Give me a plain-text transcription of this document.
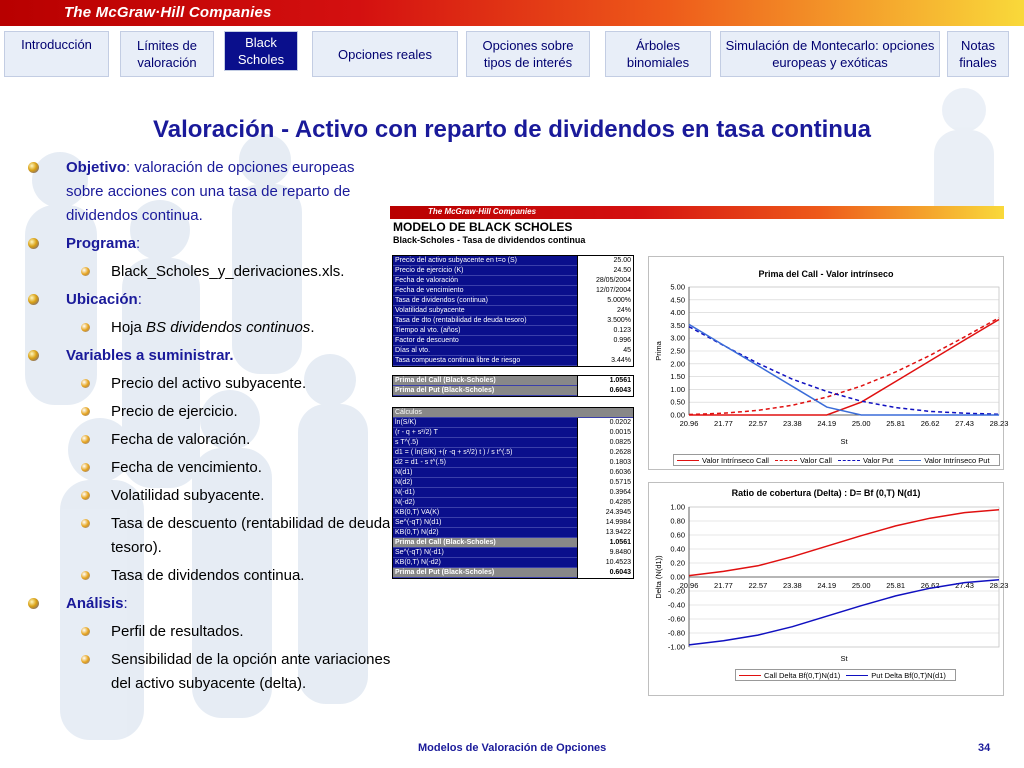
The McGraw·Hill Companies
Introducción	Límites de valoración
Black Scholes	Opciones reales
Opciones sobre tipos de interés
Árboles binomiales
Simulación de Montecarlo: opciones europeas y exóticas
Notas finales
Valoración - Activo con reparto de dividendos en tasa continua
Objetivo: valoración de opciones europeas sobre acciones con una tasa de reparto de dividendos continua.
Programa:
Black_Scholes_y_derivaciones.xls.
Ubicación:
Hoja BS dividendos continuos.
Variables a suministrar.
Precio del activo subyacente.
Precio de ejercicio.
Fecha de valoración.
Fecha de vencimiento.
Volatilidad subyacente.
Tasa de descuento (rentabilidad de deuda tesoro).
Tasa de dividendos continua.
Análisis:
Perfil de resultados.
Sensibilidad de la opción ante variaciones del activo subyacente (delta).
The McGraw·Hill Companies
MODELO DE BLACK SCHOLES
Black-Scholes - Tasa de dividendos continua
Precio del activo subyacente en t=o (S)	25.00
Precio de ejercicio (K)	24.50
Fecha de valoración	28/05/2004
Fecha de vencimiento	12/07/2004
Tasa de dividendos (continua)	5.000%
Volatilidad subyacente	24%
Tasa de dto (rentabilidad de deuda tesoro)	3.500%
Tiempo al vto. (años)	0.123
Factor de descuento	0.996
Días al vto.	45
Tasa compuesta continua libre de riesgo	3.44%
Prima del Call (Black-Scholes)	1.0561
Prima del Put (Black-Scholes)	0.6043
Cálculos
ln(S/K)	0.0202
(r - q + s²/2) T	0.0015
s T^(.5)	0.0825
d1 = ( ln(S/K) +(r -q + s²/2) t ) / s t^(.5)	0.2628
d2 = d1 - s t^(.5)	0.1803
N(d1)	0.6036
N(d2)	0.5715
N(-d1)	0.3964
N(-d2)	0.4285
KB(0,T) VA(K)	24.3945
Se^(-qT) N(d1)	14.9984
KB(0,T) N(d2)	13.9422
Prima del Call (Black-Scholes)	1.0561
Se^(-qT) N(-d1)	9.8480
KB(0,T) N(-d2)	10.4523
Prima del Put (Black-Scholes)	0.6043
Prima del Call - Valor intrínseco
0.00
0.50
1.00
1.50
2.00
2.50
3.00
3.50
4.00
4.50
5.00
20.96 21.77 22.57 23.38 24.19 25.00 25.81 26.62 27.43 28.23
St
Prima
Valor Intrínseco Call	Valor Call	Valor Put	Valor Intrínseco Put
Ratio de cobertura (Delta) : D= Bf (0,T) N(d1)
-1.00
-0.80
-0.60
-0.40
-0.20
0.00
0.20
0.40
0.60
0.80
1.00
20.96 21.77 22.57 23.38 24.19 25.00 25.81 26.62 27.43 28.23
St
Delta (N(d1))
Call Delta Bf(0,T)N(d1)	Put Delta Bf(0,T)N(d1)
Modelos de Valoración de Opciones	34
